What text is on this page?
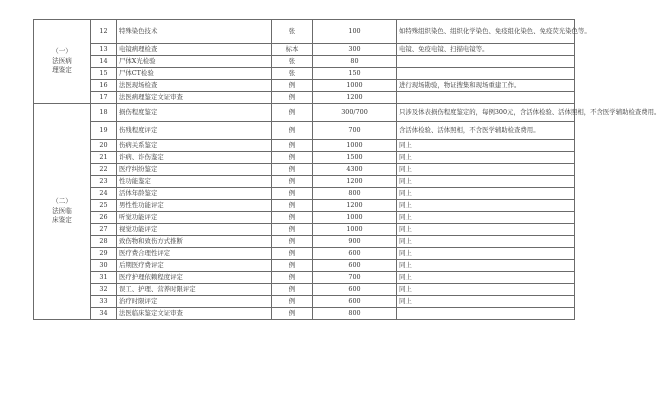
（一）
法医病
理鉴定	12	特殊染色技术	张	100	如特殊组织染色、组织化学染色、免疫组化染色、免疫荧光染色等。
	13	电镜病理检查	标本	300	电镜、免疫电镜、扫描电镜等。
	14	尸体X光检验	张	80	
	15	尸体CT检验	张	150	
	16	法医现场检查	例	1000	进行现场勘验，物证搜集和现场重建工作。
	17	法医病理鉴定文证审查	例	1200	

（二）
法医临
床鉴定	18	损伤程度鉴定	例	300/700	只涉及体表损伤程度鉴定的，每例300元，含活体检验、活体照相，不含医学辅助检查费用。
	19	伤残程度评定	例	700	含活体检验、活体照相，不含医学辅助检查费用。
	20	伤病关系鉴定	例	1000	同上
	21	诈病、诈伤鉴定	例	1500	同上
	22	医疗纠纷鉴定	例	4300	同上
	23	性功能鉴定	例	1200	同上
	24	活体年龄鉴定	例	800	同上
	25	男性性功能评定	例	1200	同上
	26	听觉功能评定	例	1000	同上
	27	视觉功能评定	例	1000	同上
	28	致伤物和致伤方式推断	例	900	同上
	29	医疗费合理性评定	例	600	同上
	30	后期医疗费评定	例	600	同上
	31	医疗护理依赖程度评定	例	700	同上
	32	误工、护理、营养时限评定	例	600	同上
	33	治疗时限评定	例	600	同上
	34	法医临床鉴定文证审查	例	800	
